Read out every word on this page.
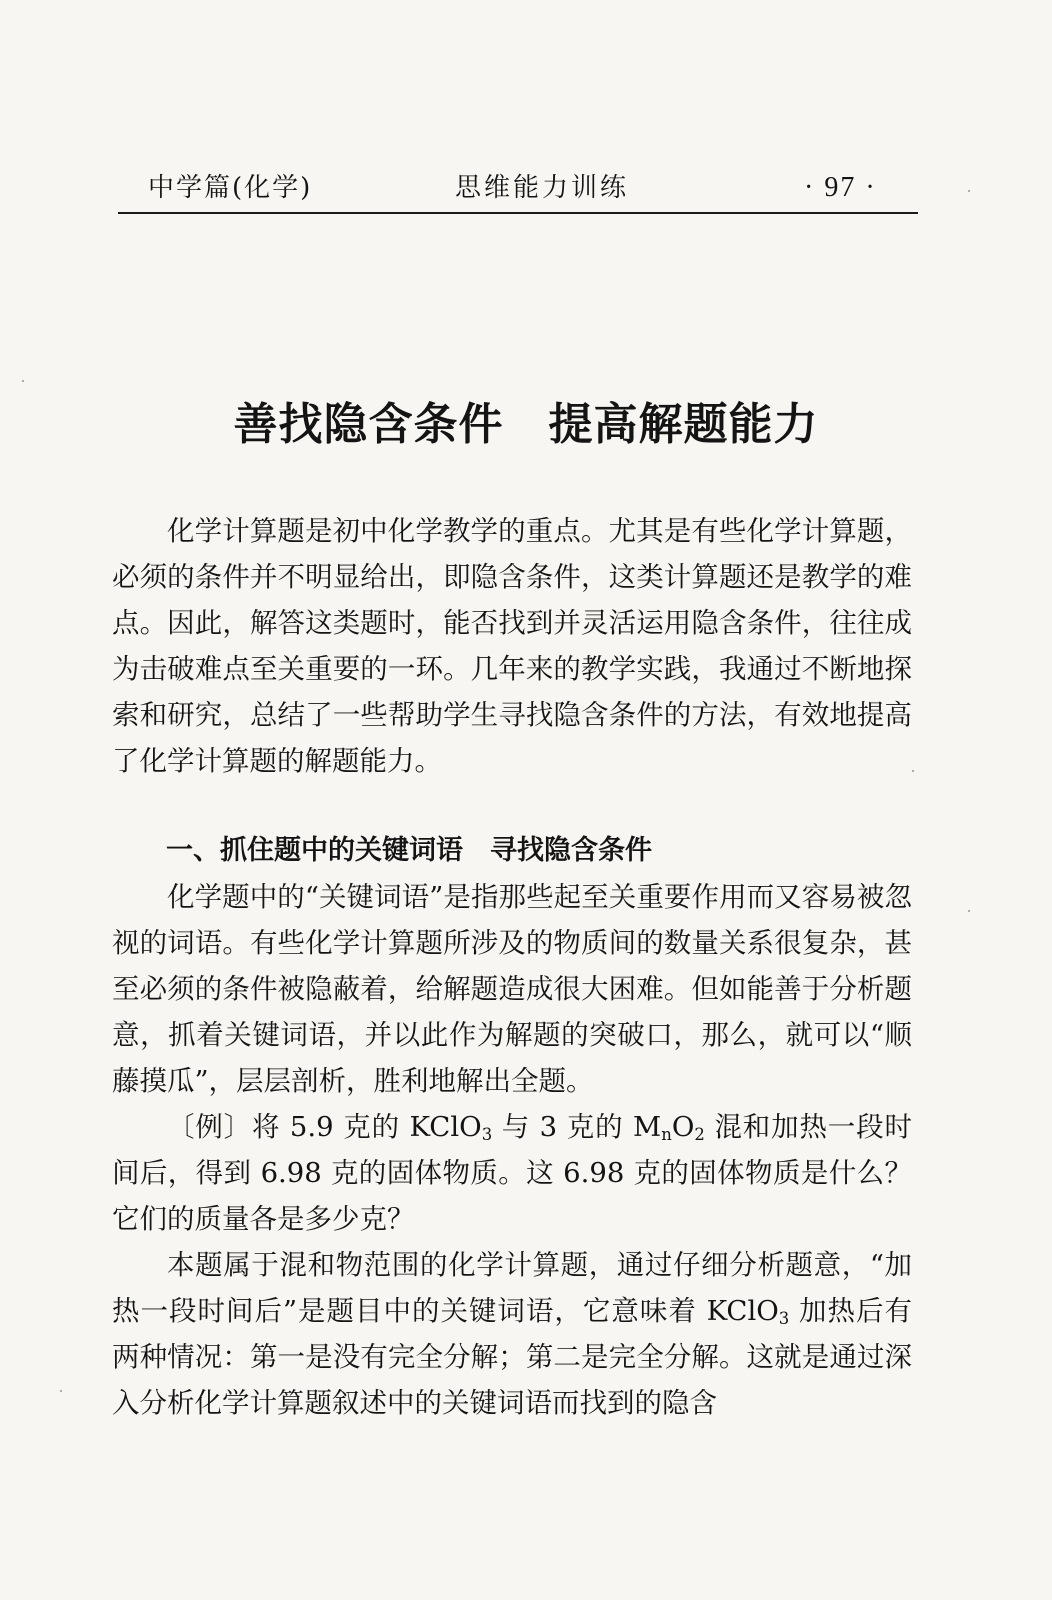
中学篇(化学)	思维能力训练	· 97 ·
善找隐含条件　提高解题能力

化学计算题是初中化学教学的重点。尤其是有些化学计算题，必须的条件并不明显给出，即隐含条件，这类计算题还是教学的难点。因此，解答这类题时，能否找到并灵活运用隐含条件，往往成为击破难点至关重要的一环。几年来的教学实践，我通过不断地探索和研究，总结了一些帮助学生寻找隐含条件的方法，有效地提高了化学计算题的解题能力。

一、抓住题中的关键词语　寻找隐含条件

化学题中的“关键词语”是指那些起至关重要作用而又容易被忽视的词语。有些化学计算题所涉及的物质间的数量关系很复杂，甚至必须的条件被隐蔽着，给解题造成很大困难。但如能善于分析题意，抓着关键词语，并以此作为解题的突破口，那么，就可以“顺藤摸瓜”，层层剖析，胜利地解出全题。

〔例〕将 5.9 克的 KClO$_3$ 与 3 克的 $M_nO_2$ 混和加热一段时间后，得到 6.98 克的固体物质。这 6.98 克的固体物质是什么？它们的质量各是多少克？

本题属于混和物范围的化学计算题，通过仔细分析题意，“加热一段时间后”是题目中的关键词语，它意味着 KClO$_3$ 加热后有两种情况：第一是没有完全分解；第二是完全分解。这就是通过深入分析化学计算题叙述中的关键词语而找到的隐含
